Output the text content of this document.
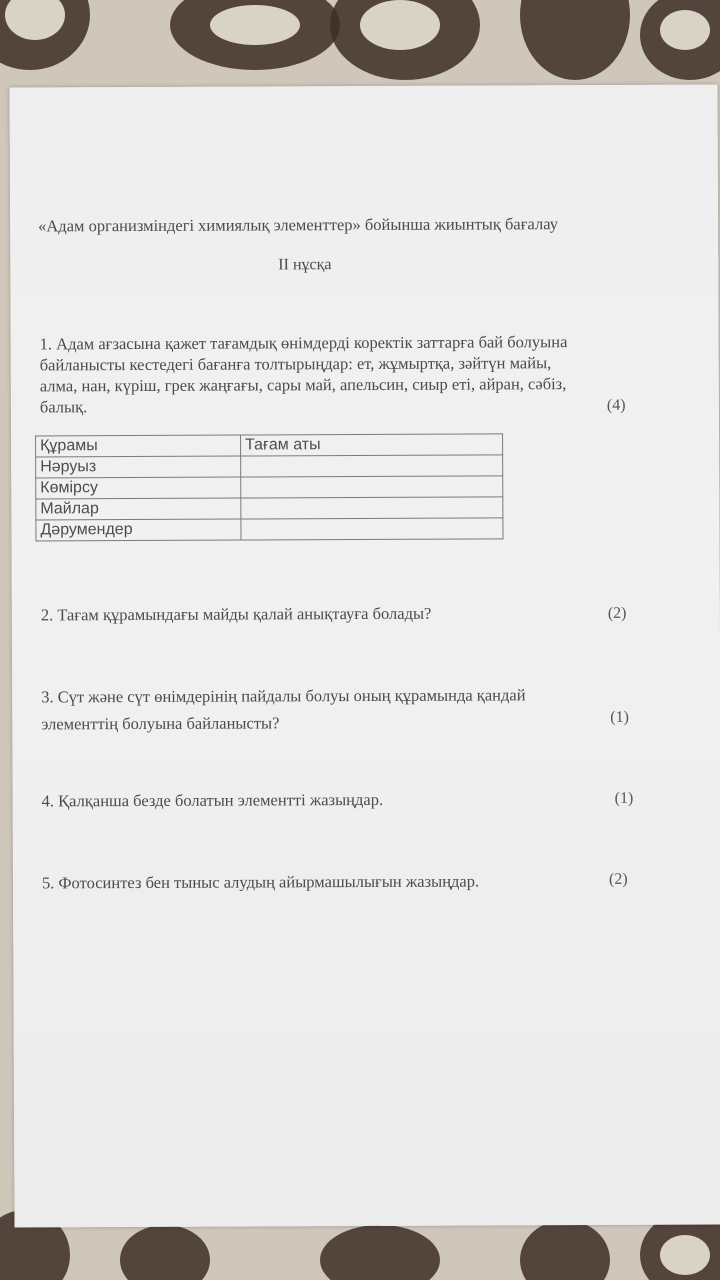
«Адам организміндегі химиялық элементтер» бойынша жиынтық бағалау
II нұсқа
1. Адам ағзасына қажет тағамдық өнімдерді коректік заттарға бай болуына
байланысты кестедегі бағанға толтырыңдар: ет, жұмыртқа, зәйтүн майы,
алма, нан, күріш, грек жаңғағы, сары май, апельсин, сиыр еті, айран, сәбіз,
балық.	(4)
Құрамы	Тағам аты
Нәруыз	
Көмірсу	
Майлар	
Дәрумендер	
2. Тағам құрамындағы майды қалай анықтауға болады?	(2)
3. Сүт және сүт өнімдерінің пайдалы болуы оның құрамында қандай
элементтің болуына байланысты?	(1)
4. Қалқанша безде болатын элементті жазыңдар.	(1)
5. Фотосинтез бен тыныс алудың айырмашылығын жазыңдар.	(2)
